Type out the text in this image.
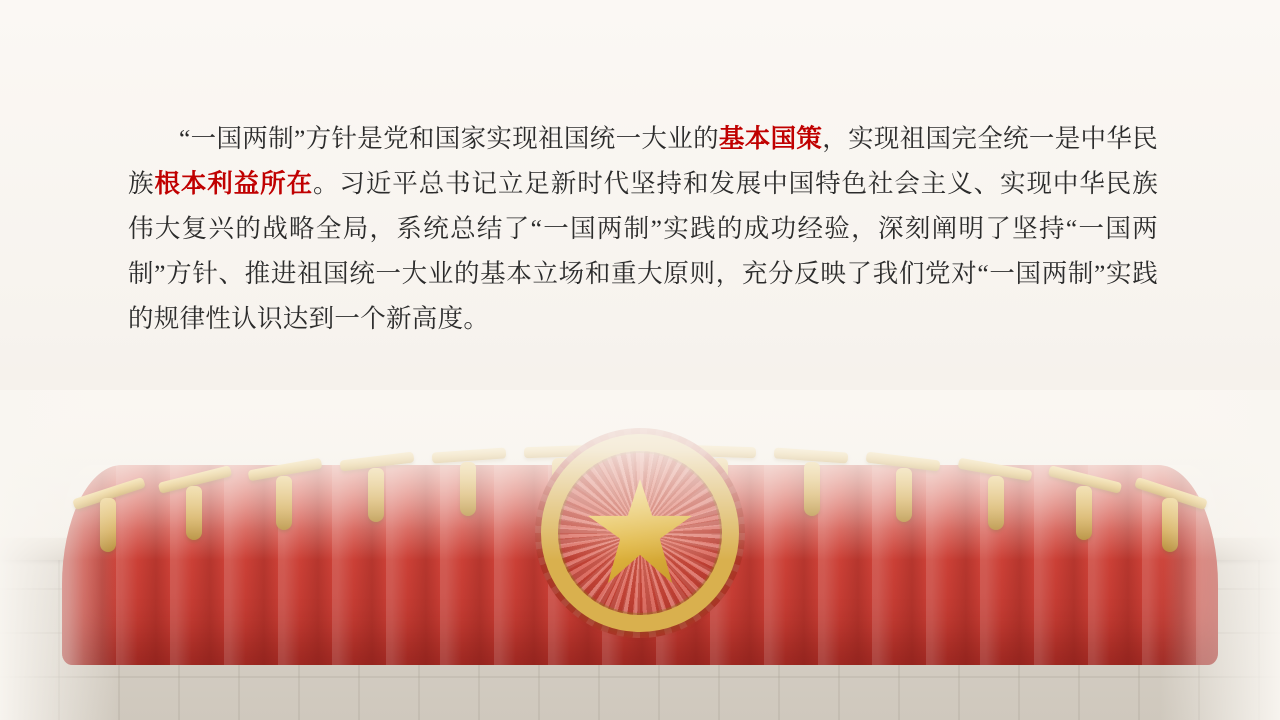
“一国两制”方针是党和国家实现祖国统一大业的基本国策，实现祖国完全统一是中华民族根本利益所在。习近平总书记立足新时代坚持和发展中国特色社会主义、实现中华民族伟大复兴的战略全局，系统总结了“一国两制”实践的成功经验，深刻阐明了坚持“一国两制”方针、推进祖国统一大业的基本立场和重大原则，充分反映了我们党对“一国两制”实践的规律性认识达到一个新高度。
